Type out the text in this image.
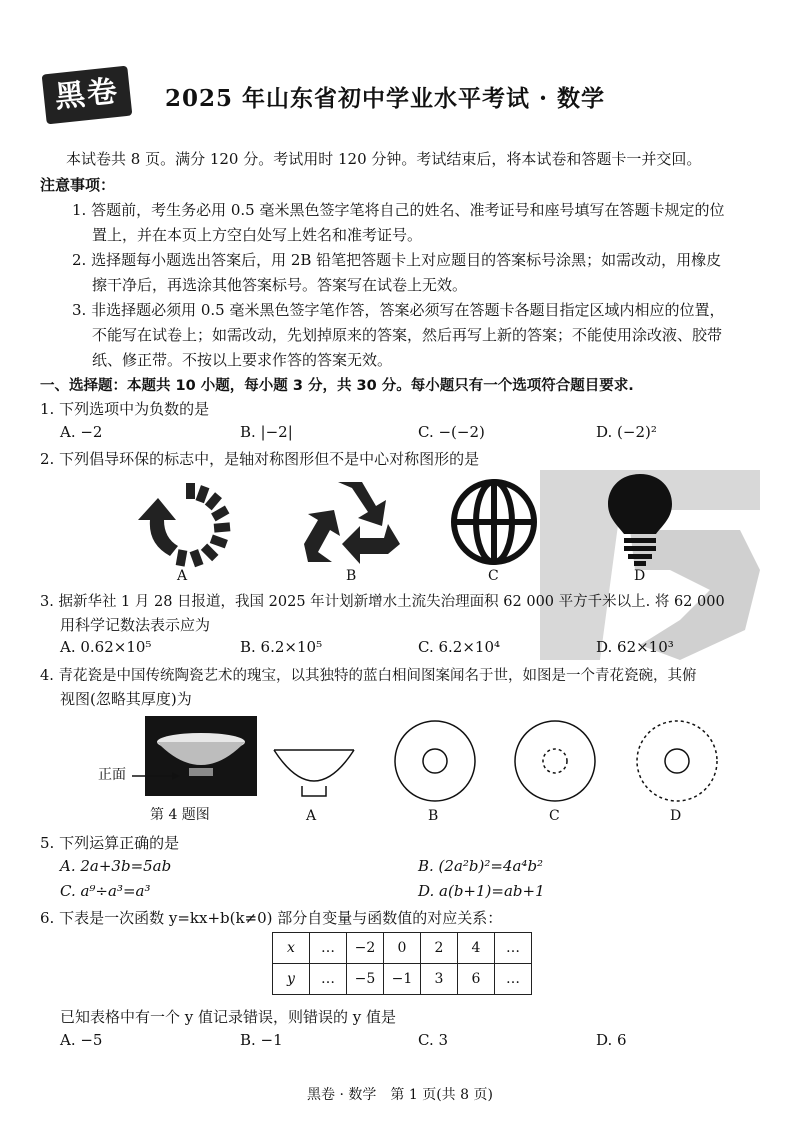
黑卷	2025 年山东省初中学业水平考试 · 数学
本试卷共 8 页。满分 120 分。考试用时 120 分钟。考试结束后，将本试卷和答题卡一并交回。
注意事项：
1. 答题前，考生务必用 0.5 毫米黑色签字笔将自己的姓名、准考证号和座号填写在答题卡规定的位
置上，并在本页上方空白处写上姓名和准考证号。
2. 选择题每小题选出答案后，用 2B 铅笔把答题卡上对应题目的答案标号涂黑；如需改动，用橡皮
擦干净后，再选涂其他答案标号。答案写在试卷上无效。
3. 非选择题必须用 0.5 毫米黑色签字笔作答，答案必须写在答题卡各题目指定区域内相应的位置，
不能写在试卷上；如需改动，先划掉原来的答案，然后再写上新的答案；不能使用涂改液、胶带
纸、修正带。不按以上要求作答的答案无效。
一、选择题：本题共 10 小题，每小题 3 分，共 30 分。每小题只有一个选项符合题目要求.
1. 下列选项中为负数的是
A. −2	B. |−2|	C. −(−2)	D. (−2)²
2. 下列倡导环保的标志中，是轴对称图形但不是中心对称图形的是
A	B	C	D
3. 据新华社 1 月 28 日报道，我国 2025 年计划新增水土流失治理面积 62 000 平方千米以上. 将 62 000
用科学记数法表示应为
A. 0.62×10⁵	B. 6.2×10⁵	C. 6.2×10⁴	D. 62×10³
4. 青花瓷是中国传统陶瓷艺术的瑰宝，以其独特的蓝白相间图案闻名于世，如图是一个青花瓷碗，其俯
视图(忽略其厚度)为
正面
第 4 题图	A	B	C	D
5. 下列运算正确的是
A. 2a+3b=5ab	B. (2a²b)²=4a⁴b²
C. a⁹÷a³=a³	D. a(b+1)=ab+1
6. 下表是一次函数 y=kx+b(k≠0) 部分自变量与函数值的对应关系：
x	…	−2	0	2	4	…
y	…	−5	−1	3	6	…
已知表格中有一个 y 值记录错误，则错误的 y 值是
A. −5	B. −1	C. 3	D. 6
黑卷 · 数学　第 1 页(共 8 页)
